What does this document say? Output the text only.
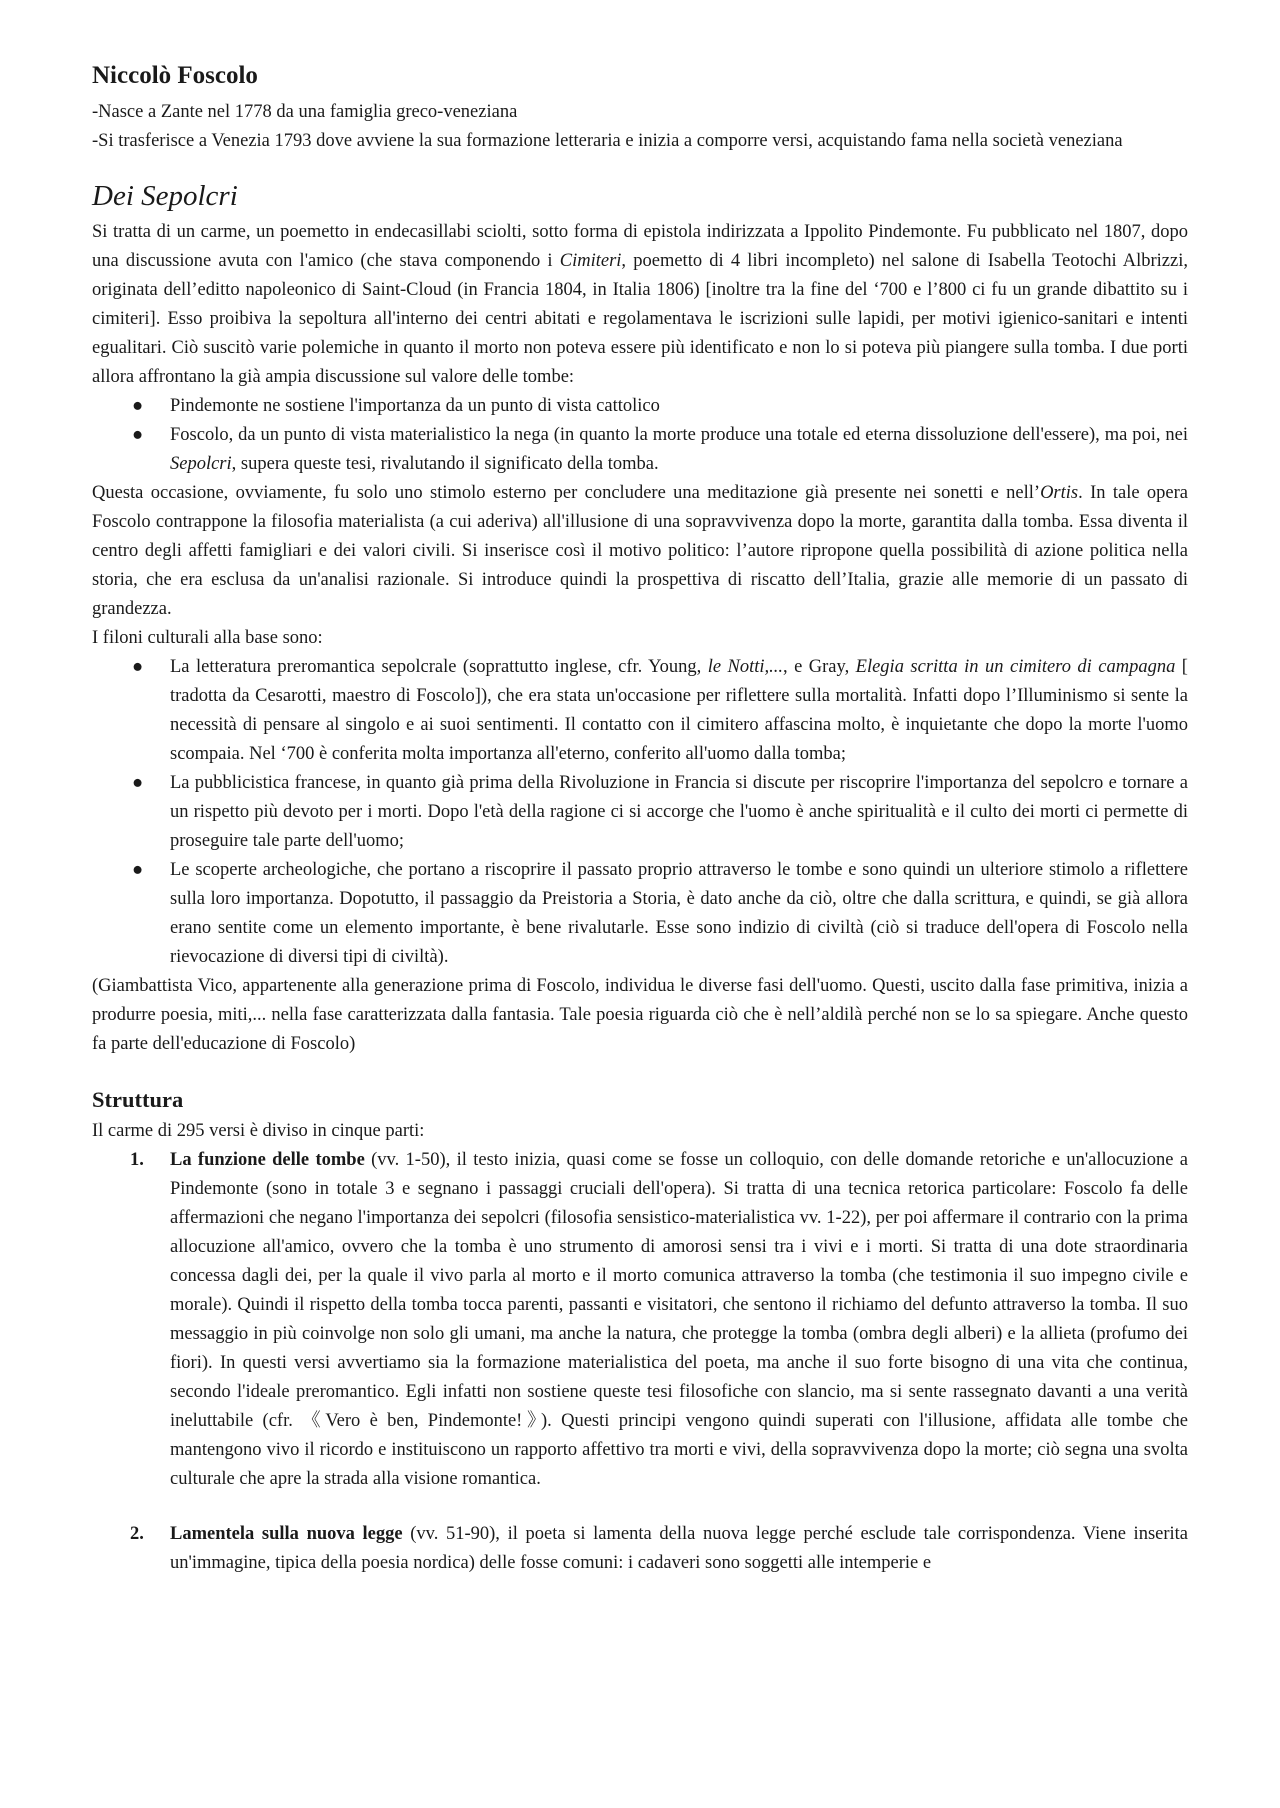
Niccolò Foscolo

-Nasce a Zante nel 1778 da una famiglia greco-veneziana

-Si trasferisce a Venezia 1793 dove avviene la sua formazione letteraria e inizia a comporre versi, acquistando fama nella società veneziana

Dei Sepolcri

Si tratta di un carme, un poemetto in endecasillabi sciolti, sotto forma di epistola indirizzata a Ippolito Pindemonte. Fu pubblicato nel 1807, dopo una discussione avuta con l'amico (che stava componendo i Cimiteri, poemetto di 4 libri incompleto) nel salone di Isabella Teotochi Albrizzi, originata dell’editto napoleonico di Saint-Cloud (in Francia 1804, in Italia 1806) [inoltre tra la fine del ‘700 e l’800 ci fu un grande dibattito su i cimiteri]. Esso proibiva la sepoltura all'interno dei centri abitati e regolamentava le iscrizioni sulle lapidi, per motivi igienico-sanitari e intenti egualitari. Ciò suscitò varie polemiche in quanto il morto non poteva essere più identificato e non lo si poteva più piangere sulla tomba. I due porti allora affrontano la già ampia discussione sul valore delle tombe:

● Pindemonte ne sostiene l'importanza da un punto di vista cattolico
● Foscolo, da un punto di vista materialistico la nega (in quanto la morte produce una totale ed eterna dissoluzione dell'essere), ma poi, nei Sepolcri, supera queste tesi, rivalutando il significato della tomba.

Questa occasione, ovviamente, fu solo uno stimolo esterno per concludere una meditazione già presente nei sonetti e nell’Ortis. In tale opera Foscolo contrappone la filosofia materialista (a cui aderiva) all'illusione di una sopravvivenza dopo la morte, garantita dalla tomba. Essa diventa il centro degli affetti famigliari e dei valori civili. Si inserisce così il motivo politico: l’autore ripropone quella possibilità di azione politica nella storia, che era esclusa da un'analisi razionale. Si introduce quindi la prospettiva di riscatto dell’Italia, grazie alle memorie di un passato di grandezza.

I filoni culturali alla base sono:

● La letteratura preromantica sepolcrale (soprattutto inglese, cfr. Young, le Notti,..., e Gray, Elegia scritta in un cimitero di campagna [ tradotta da Cesarotti, maestro di Foscolo]), che era stata un'occasione per riflettere sulla mortalità. Infatti dopo l’Illuminismo si sente la necessità di pensare al singolo e ai suoi sentimenti. Il contatto con il cimitero affascina molto, è inquietante che dopo la morte l'uomo scompaia. Nel ‘700 è conferita molta importanza all'eterno, conferito all'uomo dalla tomba;
● La pubblicistica francese, in quanto già prima della Rivoluzione in Francia si discute per riscoprire l'importanza del sepolcro e tornare a un rispetto più devoto per i morti. Dopo l'età della ragione ci si accorge che l'uomo è anche spiritualità e il culto dei morti ci permette di proseguire tale parte dell'uomo;
● Le scoperte archeologiche, che portano a riscoprire il passato proprio attraverso le tombe e sono quindi un ulteriore stimolo a riflettere sulla loro importanza. Dopotutto, il passaggio da Preistoria a Storia, è dato anche da ciò, oltre che dalla scrittura, e quindi, se già allora erano sentite come un elemento importante, è bene rivalutarle. Esse sono indizio di civiltà (ciò si traduce dell'opera di Foscolo nella rievocazione di diversi tipi di civiltà).

(Giambattista Vico, appartenente alla generazione prima di Foscolo, individua le diverse fasi dell'uomo. Questi, uscito dalla fase primitiva, inizia a produrre poesia, miti,... nella fase caratterizzata dalla fantasia. Tale poesia riguarda ciò che è nell’aldilà perché non se lo sa spiegare. Anche questo fa parte dell'educazione di Foscolo)

Struttura

Il carme di 295 versi è diviso in cinque parti:

1. La funzione delle tombe (vv. 1-50), il testo inizia, quasi come se fosse un colloquio, con delle domande retoriche e un'allocuzione a Pindemonte (sono in totale 3 e segnano i passaggi cruciali dell'opera). Si tratta di una tecnica retorica particolare: Foscolo fa delle affermazioni che negano l'importanza dei sepolcri (filosofia sensistico-materialistica vv. 1-22), per poi affermare il contrario con la prima allocuzione all'amico, ovvero che la tomba è uno strumento di amorosi sensi tra i vivi e i morti. Si tratta di una dote straordinaria concessa dagli dei, per la quale il vivo parla al morto e il morto comunica attraverso la tomba (che testimonia il suo impegno civile e morale). Quindi il rispetto della tomba tocca parenti, passanti e visitatori, che sentono il richiamo del defunto attraverso la tomba. Il suo messaggio in più coinvolge non solo gli umani, ma anche la natura, che protegge la tomba (ombra degli alberi) e la allieta (profumo dei fiori). In questi versi avvertiamo sia la formazione materialistica del poeta, ma anche il suo forte bisogno di una vita che continua, secondo l'ideale preromantico. Egli infatti non sostiene queste tesi filosofiche con slancio, ma si sente rassegnato davanti a una verità ineluttabile (cfr. 《Vero è ben, Pindemonte!》). Questi principi vengono quindi superati con l'illusione, affidata alle tombe che mantengono vivo il ricordo e instituiscono un rapporto affettivo tra morti e vivi, della sopravvivenza dopo la morte; ciò segna una svolta culturale che apre la strada alla visione romantica.
2. Lamentela sulla nuova legge (vv. 51-90), il poeta si lamenta della nuova legge perché esclude tale corrispondenza. Viene inserita un'immagine, tipica della poesia nordica) delle fosse comuni: i cadaveri sono soggetti alle intemperie e
